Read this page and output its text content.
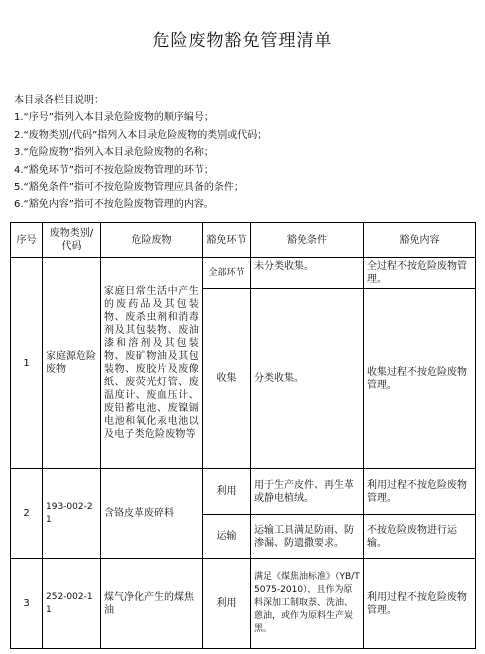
危险废物豁免管理清单
本目录各栏目说明：
1.“序号”指列入本目录危险废物的顺序编号；
2.“废物类别/代码”指列入本目录危险废物的类别或代码；
3.“危险废物”指列入本目录危险废物的名称；
4.“豁免环节”指可不按危险废物管理的环节；
5.“豁免条件”指可不按危险废物管理应具备的条件；
6.“豁免内容”指可不按危险废物管理的内容。
序号	废物类别/代码	危险废物	豁免环节	豁免条件	豁免内容
1	家庭源危险废物	家庭日常生活中产生的废药品及其包装物、废杀虫剂和消毒剂及其包装物、废油漆和溶剂及其包装物、废矿物油及其包装物、废胶片及废像纸、废荧光灯管、废温度计、废血压计、废铅蓄电池、废镍镉电池和氧化汞电池以及电子类危险废物等	全部环节	未分类收集。	全过程不按危险废物管理。
			收集	分类收集。	收集过程不按危险废物管理。
2	193-002-21	含铬皮革废碎料	利用	用于生产皮件、再生革或静电植绒。	利用过程不按危险废物管理。
			运输	运输工具满足防雨、防渗漏、防遗撒要求。	不按危险废物进行运输。
3	252-002-11	煤气净化产生的煤焦油	利用	满足《煤焦油标准》（YB/T5075-2010），且作为原料深加工制取萘、洗油、蒽油，或作为原料生产炭黑。	利用过程不按危险废物管理。
